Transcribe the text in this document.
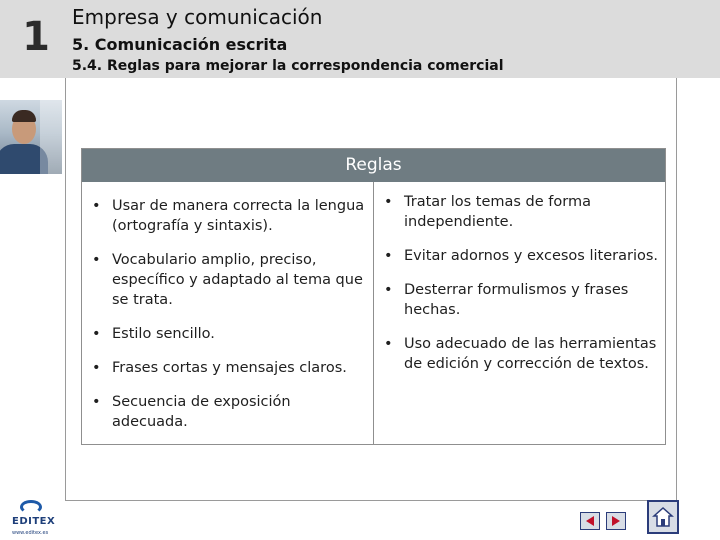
1	Empresa y comunicación
5. Comunicación escrita
5.4. Reglas para mejorar la correspondencia comercial
Reglas
• Usar de manera correcta la lengua (ortografía y sintaxis).
• Vocabulario amplio, preciso, específico y adaptado al tema que se trata.
• Estilo sencillo.
• Frases cortas y mensajes claros.
• Secuencia de exposición adecuada.
• Tratar los temas de forma independiente.
• Evitar adornos y excesos literarios.
• Desterrar formulismos y frases hechas.
• Uso adecuado de las herramientas de edición y corrección de textos.
EDITEX
www.editex.es
